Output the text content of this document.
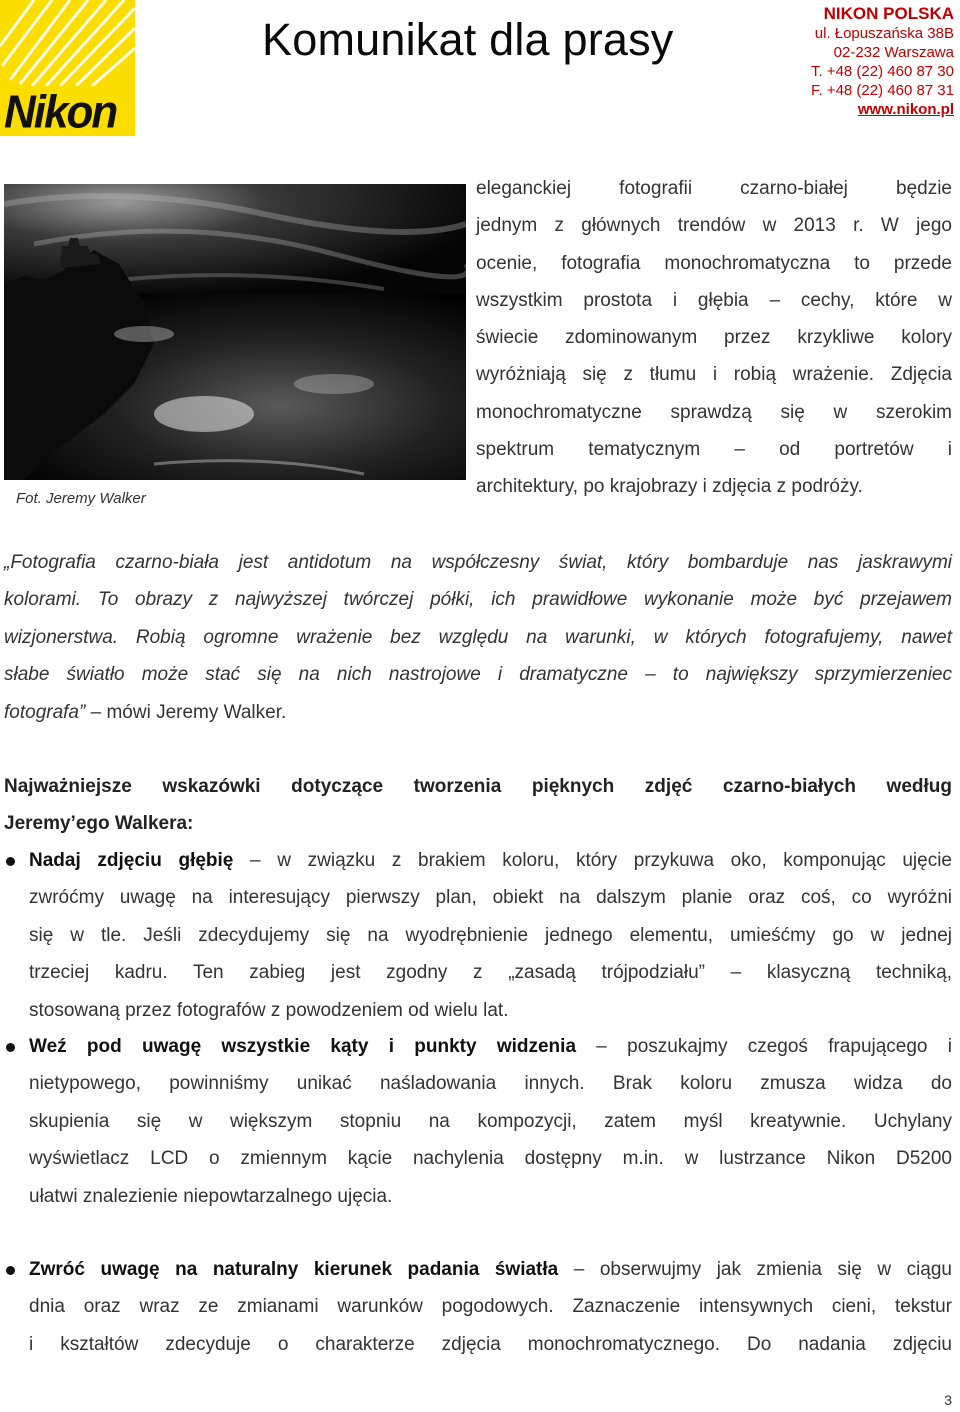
Nikon
Komunikat dla prasy
NIKON POLSKA
ul. Łopuszańska 38B
02-232 Warszawa
T. +48 (22) 460 87 30
F. +48 (22) 460 87 31
www.nikon.pl
Fot. Jeremy Walker
eleganckiej fotografii czarno-białej będzie
jednym z głównych trendów w 2013 r. W jego
ocenie, fotografia monochromatyczna to przede
wszystkim prostota i głębia – cechy, które w
świecie zdominowanym przez krzykliwe kolory
wyróżniają się z tłumu i robią wrażenie. Zdjęcia
monochromatyczne sprawdzą się w szerokim
spektrum tematycznym – od portretów i
architektury, po krajobrazy i zdjęcia z podróży.
„Fotografia czarno-biała jest antidotum na współczesny świat, który bombarduje nas jaskrawymi
kolorami. To obrazy z najwyższej twórczej półki, ich prawidłowe wykonanie może być przejawem
wizjonerstwa. Robią ogromne wrażenie bez względu na warunki, w których fotografujemy, nawet
słabe światło może stać się na nich nastrojowe i dramatyczne – to największy sprzymierzeniec
fotografa” – mówi Jeremy Walker.
Najważniejsze wskazówki dotyczące tworzenia pięknych zdjęć czarno-białych według
Jeremy’ego Walkera:
Nadaj zdjęciu głębię – w związku z brakiem koloru, który przykuwa oko, komponując ujęcie
zwróćmy uwagę na interesujący pierwszy plan, obiekt na dalszym planie oraz coś, co wyróżni
się w tle. Jeśli zdecydujemy się na wyodrębnienie jednego elementu, umieśćmy go w jednej
trzeciej kadru. Ten zabieg jest zgodny z „zasadą trójpodziału” – klasyczną techniką,
stosowaną przez fotografów z powodzeniem od wielu lat.
Weź pod uwagę wszystkie kąty i punkty widzenia – poszukajmy czegoś frapującego i
nietypowego, powinniśmy unikać naśladowania innych. Brak koloru zmusza widza do
skupienia się w większym stopniu na kompozycji, zatem myśl kreatywnie. Uchylany
wyświetlacz LCD o zmiennym kącie nachylenia dostępny m.in. w lustrzance Nikon D5200
ułatwi znalezienie niepowtarzalnego ujęcia.
Zwróć uwagę na naturalny kierunek padania światła – obserwujmy jak zmienia się w ciągu
dnia oraz wraz ze zmianami warunków pogodowych. Zaznaczenie intensywnych cieni, tekstur
i kształtów zdecyduje o charakterze zdjęcia monochromatycznego. Do nadania zdjęciu
3
